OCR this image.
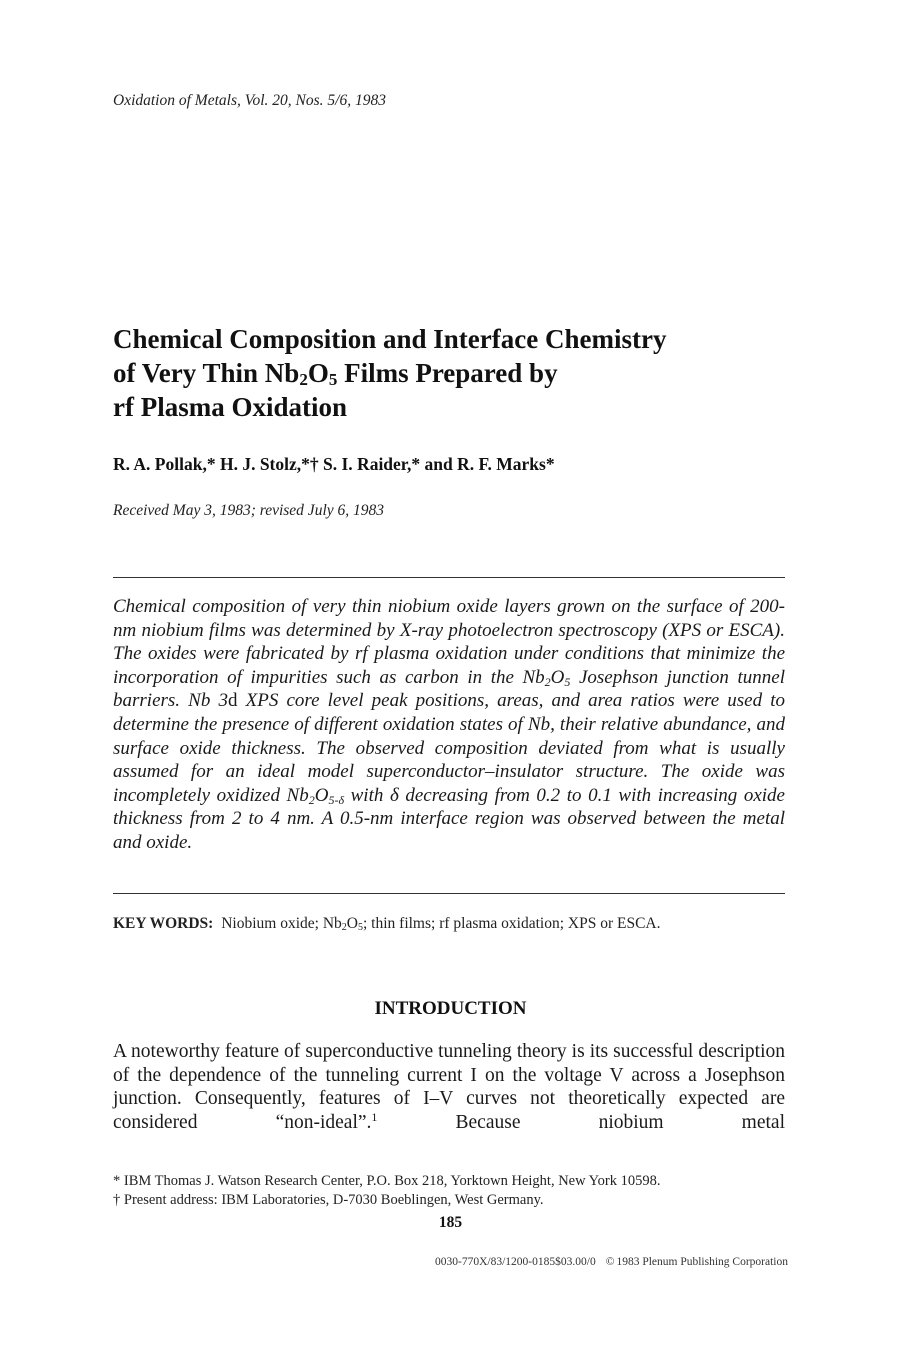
Oxidation of Metals, Vol. 20, Nos. 5/6, 1983
Chemical Composition and Interface Chemistry
of Very Thin $Nb_2O_5$ Films Prepared by
rf Plasma Oxidation
R. A. Pollak,* H. J. Stolz,*† S. I. Raider,* and R. F. Marks*
Received May 3, 1983; revised July 6, 1983
Chemical composition of very thin niobium oxide layers grown on the surface of 200-nm niobium films was determined by X-ray photoelectron spectroscopy (XPS or ESCA). The oxides were fabricated by rf plasma oxidation under conditions that minimize the incorporation of impurities such as carbon in the $Nb_2O_5$ Josephson junction tunnel barriers. Nb 3d XPS core level peak positions, areas, and area ratios were used to determine the presence of different oxidation states of Nb, their relative abundance, and surface oxide thickness. The observed composition deviated from what is usually assumed for an ideal model superconductor–insulator structure. The oxide was incompletely oxidized $Nb_2O_{5-\delta}$ with δ decreasing from 0.2 to 0.1 with increasing oxide thickness from 2 to 4 nm. A 0.5-nm interface region was observed between the metal and oxide.
KEY WORDS: Niobium oxide; $Nb_2O_5$; thin films; rf plasma oxidation; XPS or ESCA.
INTRODUCTION
A noteworthy feature of superconductive tunneling theory is its successful description of the dependence of the tunneling current I on the voltage V across a Josephson junction. Consequently, features of I–V curves not theoretically expected are considered “non-ideal”.$^1$ Because niobium metal
* IBM Thomas J. Watson Research Center, P.O. Box 218, Yorktown Height, New York 10598.
† Present address: IBM Laboratories, D-7030 Boeblingen, West Germany.
185
0030-770X/83/1200-0185$03.00/0 © 1983 Plenum Publishing Corporation
